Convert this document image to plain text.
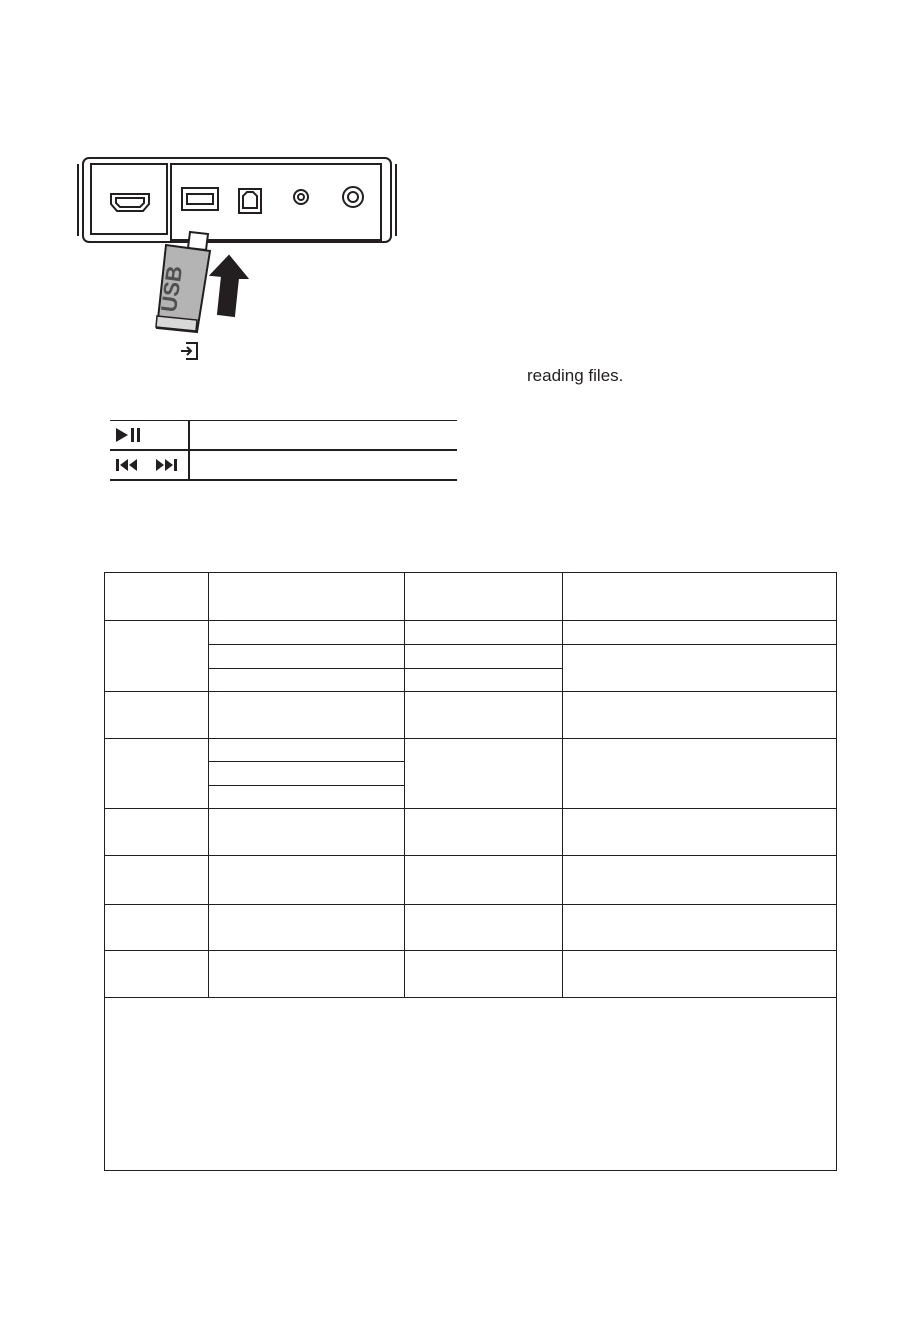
USB
reading files.
